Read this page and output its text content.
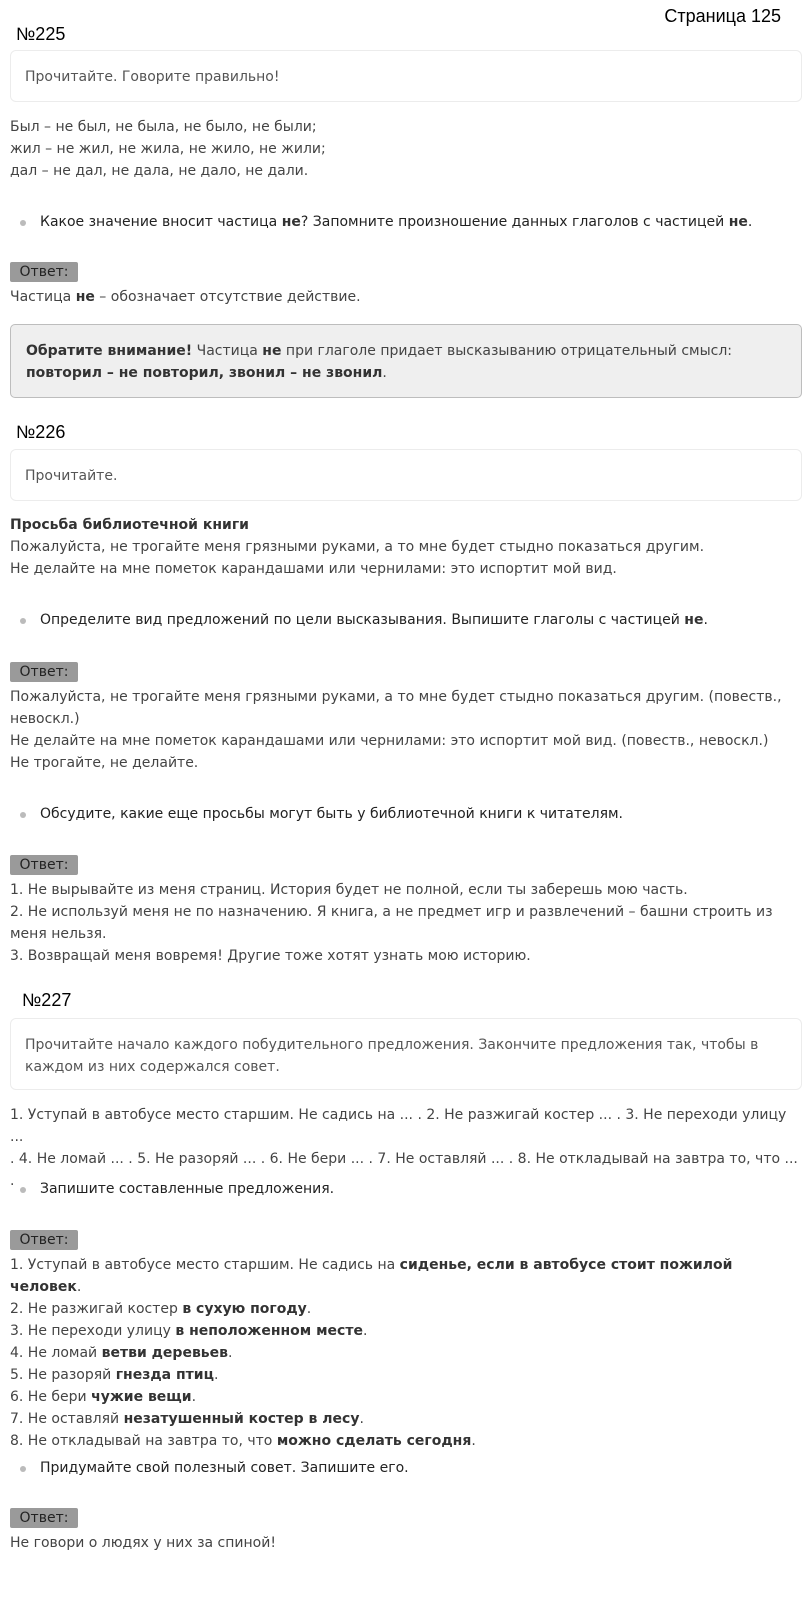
Страница 125
№225
Прочитайте. Говорите правильно!
Был – не был, не была, не было, не были;
жил – не жил, не жила, не жило, не жили;
дал – не дал, не дала, не дало, не дали.
Какое значение вносит частица не? Запомните произношение данных глаголов с частицей не.
Ответ:
Частица не – обозначает отсутствие действие.
Обратите внимание! Частица не при глаголе придает высказыванию отрицательный смысл:
повторил – не повторил, звонил – не звонил.
№226
Прочитайте.
Просьба библиотечной книги
Пожалуйста, не трогайте меня грязными руками, а то мне будет стыдно показаться другим.
Не делайте на мне пометок карандашами или чернилами: это испортит мой вид.
Определите вид предложений по цели высказывания. Выпишите глаголы с частицей не.
Ответ:
Пожалуйста, не трогайте меня грязными руками, а то мне будет стыдно показаться другим. (повеств.,
невоскл.)
Не делайте на мне пометок карандашами или чернилами: это испортит мой вид. (повеств., невоскл.)
Не трогайте, не делайте.
Обсудите, какие еще просьбы могут быть у библиотечной книги к читателям.
Ответ:
1. Не вырывайте из меня страниц. История будет не полной, если ты заберешь мою часть.
2. Не используй меня не по назначению. Я книга, а не предмет игр и развлечений – башни строить из
меня нельзя.
3. Возвращай меня вовремя! Другие тоже хотят узнать мою историю.
№227
Прочитайте начало каждого побудительного предложения. Закончите предложения так, чтобы в
каждом из них содержался совет.
1. Уступай в автобусе место старшим. Не садись на ... . 2. Не разжигай костер ... . 3. Не переходи улицу ...
. 4. Не ломай ... . 5. Не разоряй ... . 6. Не бери ... . 7. Не оставляй ... . 8. Не откладывай на завтра то, что ... .	Запишите составленные предложения.
Ответ:
1. Уступай в автобусе место старшим. Не садись на сиденье, если в автобусе стоит пожилой человек.
2. Не разжигай костер в сухую погоду.
3. Не переходи улицу в неположенном месте.
4. Не ломай ветви деревьев.
5. Не разоряй гнезда птиц.
6. Не бери чужие вещи.
7. Не оставляй незатушенный костер в лесу.
8. Не откладывай на завтра то, что можно сделать сегодня.
Придумайте свой полезный совет. Запишите его.
Ответ:
Не говори о людях у них за спиной!
